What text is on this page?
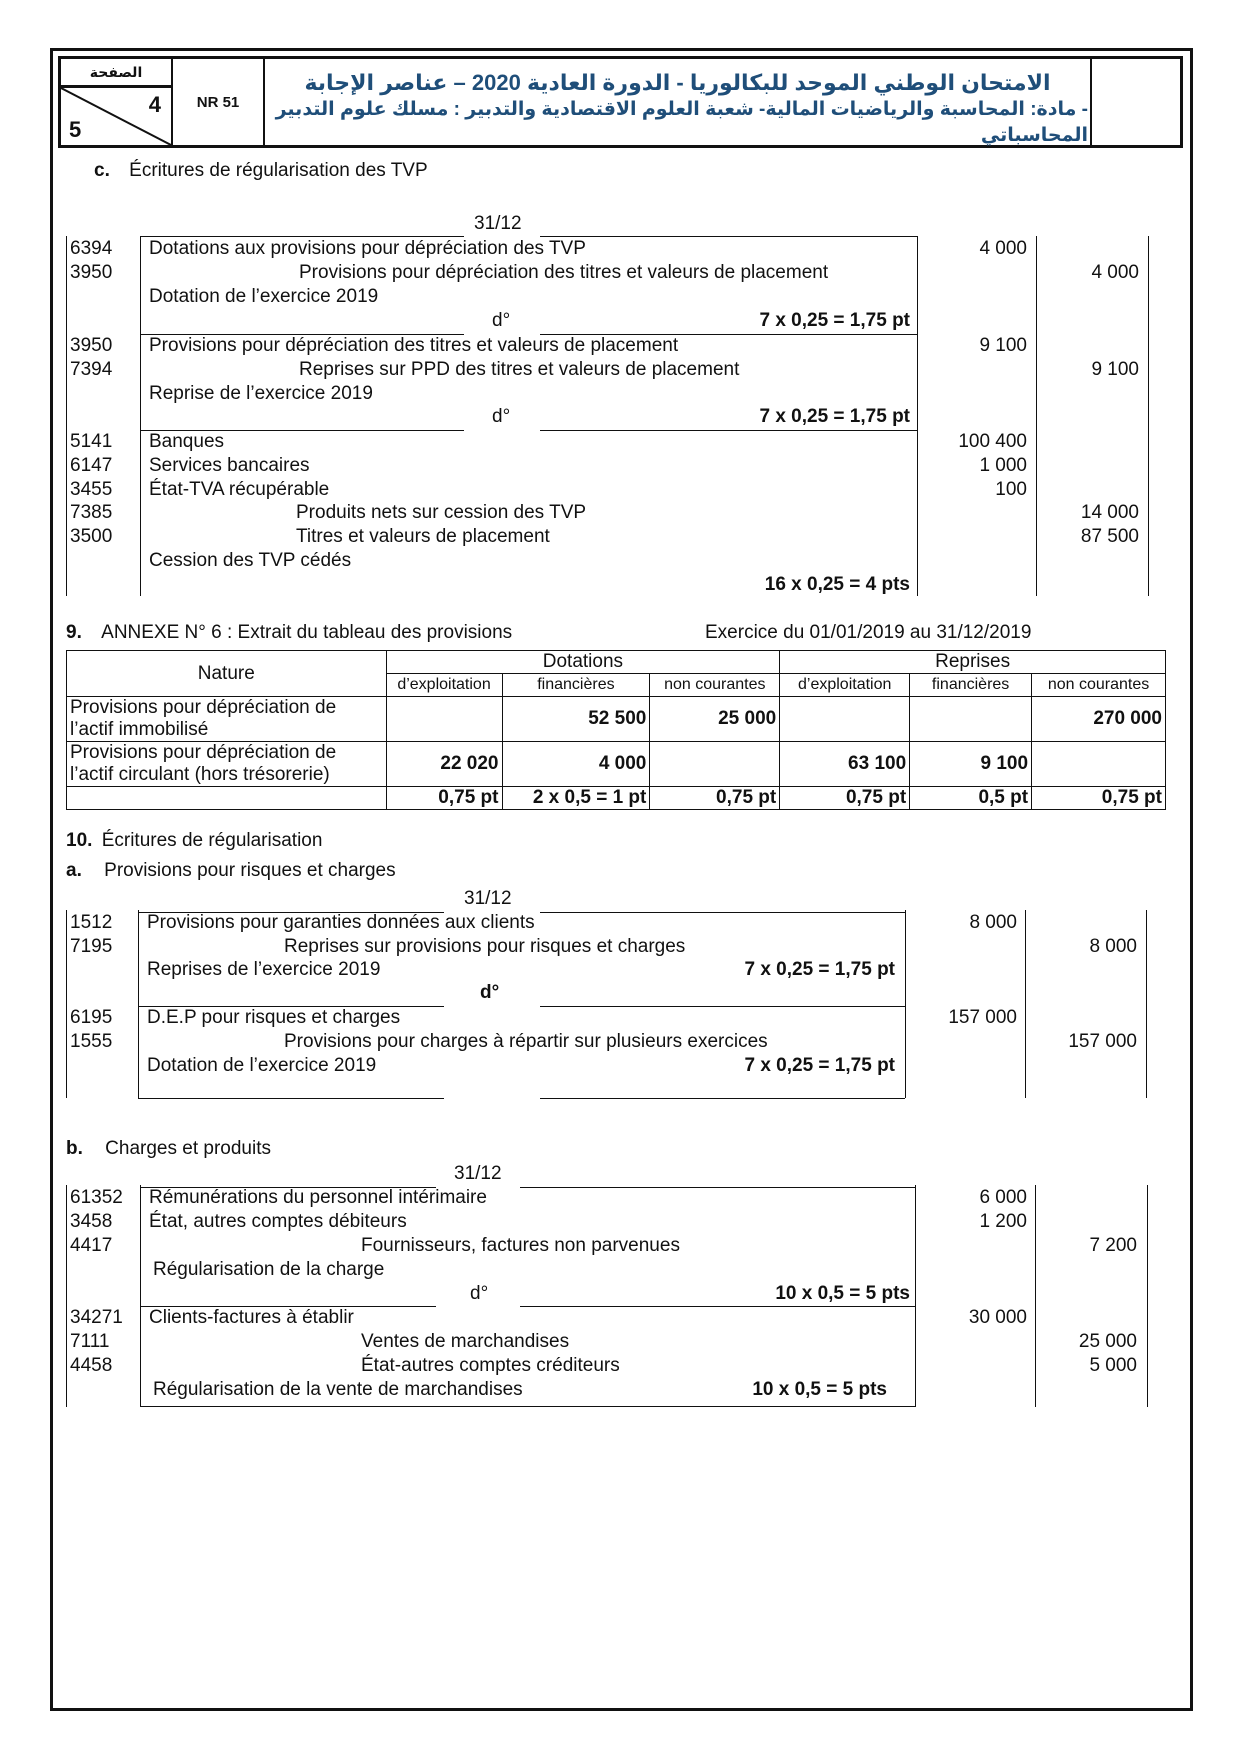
الصفحة
4
5
NR 51
الامتحان الوطني الموحد للبكالوريا - الدورة العادية 2020 – عناصر الإجابة
- مادة: المحاسبة والرياضيات المالية- شعبة العلوم الاقتصادية والتدبير : مسلك علوم التدبير المحاسباتي
c. Écritures de régularisation des TVP
31/12
6394 Dotations aux provisions pour dépréciation des TVP	4 000
3950	Provisions pour dépréciation des titres et valeurs de placement	4 000
Dotation de l’exercice 2019
d°	7 x 0,25 = 1,75 pt
3950 Provisions pour dépréciation des titres et valeurs de placement	9 100
7394	Reprises sur PPD des titres et valeurs de placement	9 100
Reprise de l’exercice 2019
d°	7 x 0,25 = 1,75 pt
5141 Banques	100 400
6147 Services bancaires	1 000
3455 État-TVA récupérable	100
7385	Produits nets sur cession des TVP	14 000
3500	Titres et valeurs de placement	87 500
Cession des TVP cédés
16 x 0,25 = 4 pts
9. ANNEXE N° 6 : Extrait du tableau des provisions	Exercice du 01/01/2019 au 31/12/2019
Nature	Dotations			Reprises		
	d’exploitation	financières	non courantes	d’exploitation	financières	non courantes

Provisions pour dépréciation de
l’actif immobilisé		52 500	25 000			270 000

Provisions pour dépréciation de
l’actif circulant (hors trésorerie)	22 020	4 000		63 100	9 100	
	0,75 pt	2 x 0,5 = 1 pt	0,75 pt	0,75 pt	0,5 pt	0,75 pt
10. Écritures de régularisation
a. Provisions pour risques et charges
31/12
1512 Provisions pour garanties données aux clients	8 000
7195	Reprises sur provisions pour risques et charges	8 000
Reprises de l’exercice 2019	7 x 0,25 = 1,75 pt
d°
6195 D.E.P pour risques et charges	157 000
1555	Provisions pour charges à répartir sur plusieurs exercices	157 000
Dotation de l’exercice 2019	7 x 0,25 = 1,75 pt
b. Charges et produits
31/12
61352 Rémunérations du personnel intérimaire	6 000
3458 État, autres comptes débiteurs	1 200
4417	Fournisseurs, factures non parvenues	7 200
Régularisation de la charge
d°	10 x 0,5 = 5 pts
34271 Clients-factures à établir	30 000
7111	Ventes de marchandises	25 000
4458	État-autres comptes créditeurs	5 000
Régularisation de la vente de marchandises	10 x 0,5 = 5 pts
